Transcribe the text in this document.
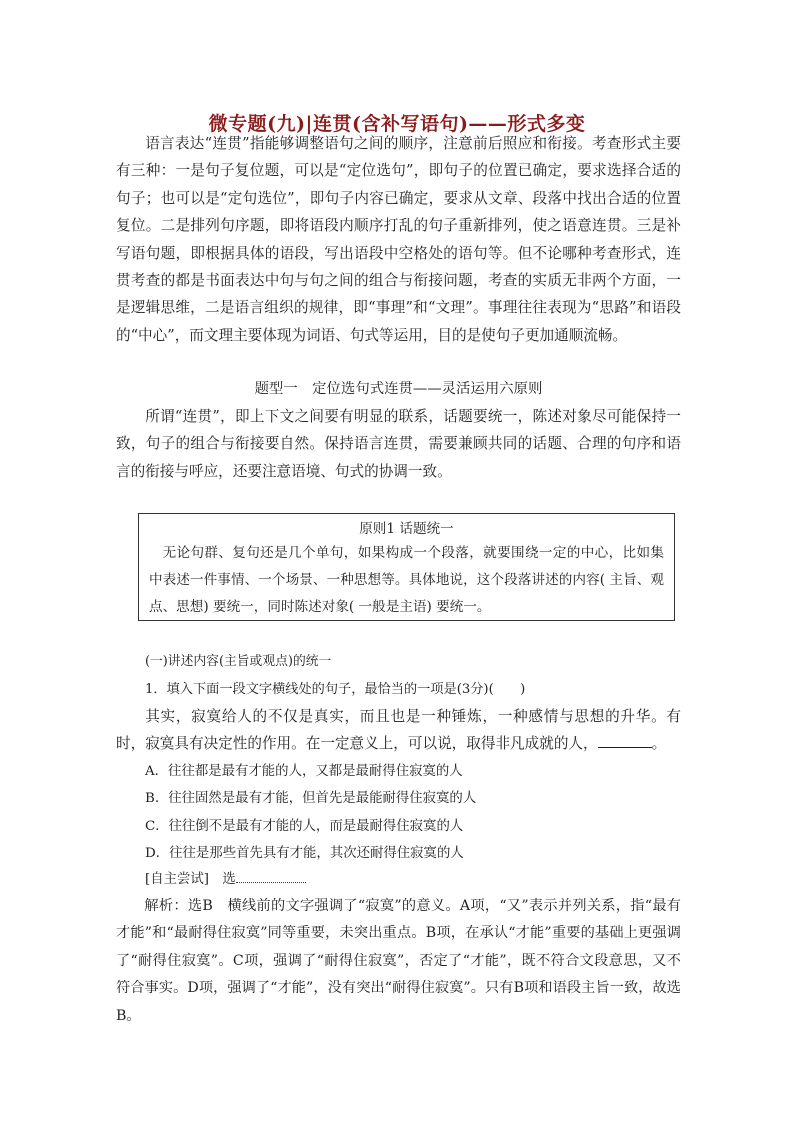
微专题(九)|连贯(含补写语句)——形式多变

语言表达“连贯”指能够调整语句之间的顺序，注意前后照应和衔接。考查形式主要有三种：一是句子复位题，可以是“定位选句”，即句子的位置已确定，要求选择合适的句子；也可以是“定句选位”，即句子内容已确定，要求从文章、段落中找出合适的位置复位。二是排列句序题，即将语段内顺序打乱的句子重新排列，使之语意连贯。三是补写语句题，即根据具体的语段，写出语段中空格处的语句等。但不论哪种考查形式，连贯考查的都是书面表达中句与句之间的组合与衔接问题，考查的实质无非两个方面，一是逻辑思维，二是语言组织的规律，即“事理”和“文理”。事理往往表现为“思路”和语段的“中心”，而文理主要体现为词语、句式等运用，目的是使句子更加通顺流畅。

题型一　定位选句式连贯——灵活运用六原则

所谓“连贯”，即上下文之间要有明显的联系，话题要统一，陈述对象尽可能保持一致，句子的组合与衔接要自然。保持语言连贯，需要兼顾共同的话题、合理的句序和语言的衔接与呼应，还要注意语境、句式的协调一致。

原则1 话题统一

无论句群、复句还是几个单句，如果构成一个段落，就要围绕一定的中心，比如集中表述一件事情、一个场景、一种思想等。具体地说，这个段落讲述的内容( 主旨、观点、思想) 要统一，同时陈述对象( 一般是主语) 要统一。

(一)讲述内容(主旨或观点)的统一

1．填入下面一段文字横线处的句子，最恰当的一项是(3分)(　　)

其实，寂寞给人的不仅是真实，而且也是一种锤炼，一种感情与思想的升华。有时，寂寞具有决定性的作用。在一定意义上，可以说，取得非凡成就的人，	。

A．往往都是最有才能的人，又都是最耐得住寂寞的人
B．往往固然是最有才能，但首先是最能耐得住寂寞的人
C．往往倒不是最有才能的人，而是最耐得住寂寞的人
D．往往是那些首先具有才能，其次还耐得住寂寞的人

[自主尝试]　选

解析：选B　横线前的文字强调了“寂寞”的意义。A项，“又”表示并列关系，指“最有才能”和“最耐得住寂寞”同等重要，未突出重点。B项，在承认“才能”重要的基础上更强调了“耐得住寂寞”。C项，强调了“耐得住寂寞”，否定了“才能”，既不符合文段意思，又不符合事实。D项，强调了“才能”，没有突出“耐得住寂寞”。只有B项和语段主旨一致，故选B。
